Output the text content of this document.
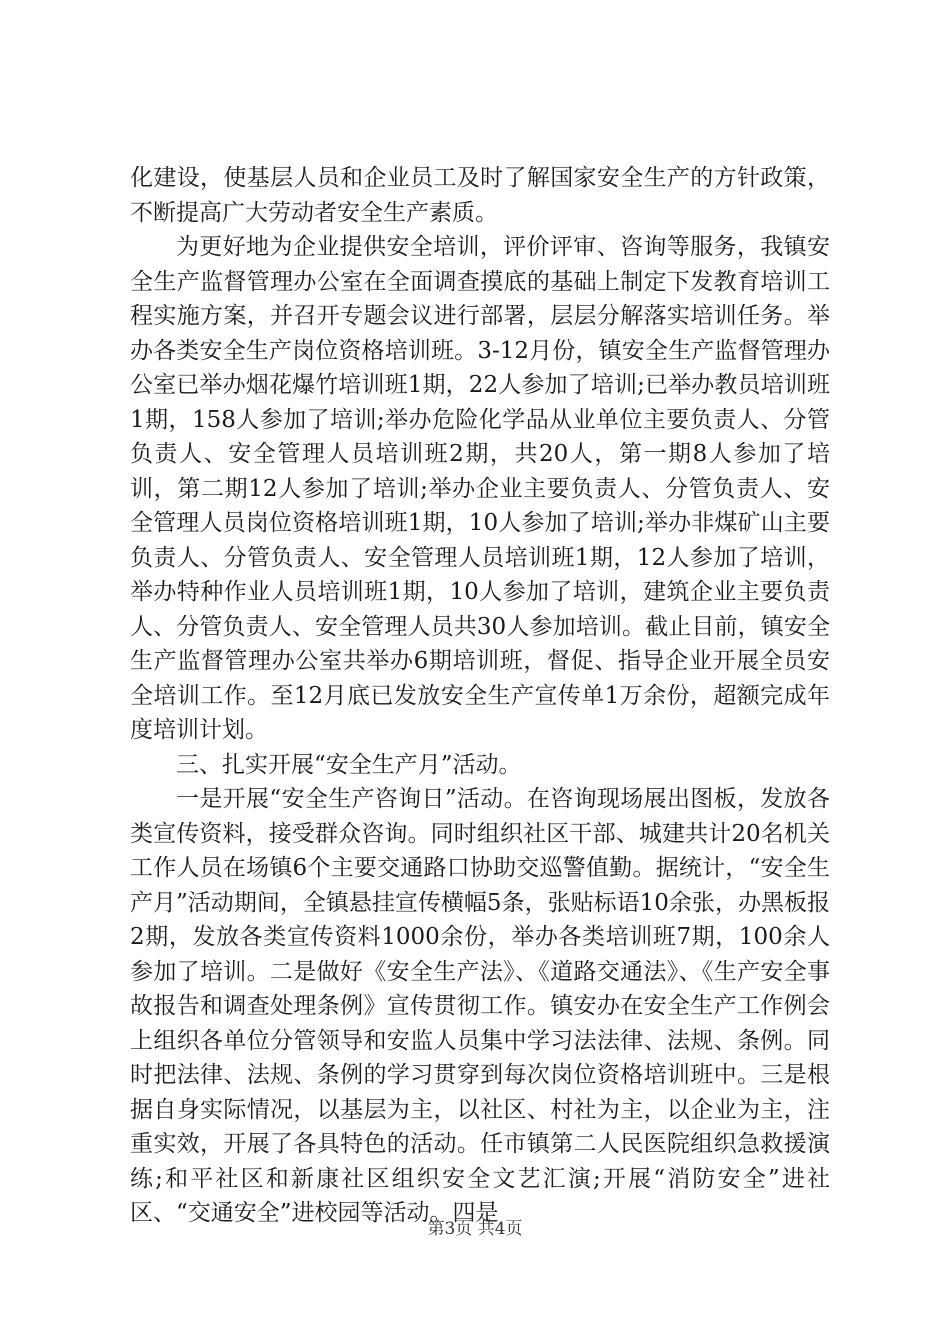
化建设，使基层人员和企业员工及时了解国家安全生产的方针政策，不断提高广大劳动者安全生产素质。

为更好地为企业提供安全培训，评价评审、咨询等服务，我镇安全生产监督管理办公室在全面调查摸底的基础上制定下发教育培训工程实施方案，并召开专题会议进行部署，层层分解落实培训任务。举办各类安全生产岗位资格培训班。3-12月份，镇安全生产监督管理办公室已举办烟花爆竹培训班1期，22人参加了培训;已举办教员培训班1期，158人参加了培训;举办危险化学品从业单位主要负责人、分管负责人、安全管理人员培训班2期，共20人，第一期8人参加了培训，第二期12人参加了培训;举办企业主要负责人、分管负责人、安全管理人员岗位资格培训班1期，10人参加了培训;举办非煤矿山主要负责人、分管负责人、安全管理人员培训班1期，12人参加了培训，举办特种作业人员培训班1期，10人参加了培训，建筑企业主要负责人、分管负责人、安全管理人员共30人参加培训。截止目前，镇安全生产监督管理办公室共举办6期培训班，督促、指导企业开展全员安全培训工作。至12月底已发放安全生产宣传单1万余份，超额完成年度培训计划。

三、扎实开展“安全生产月”活动。

一是开展“安全生产咨询日”活动。在咨询现场展出图板，发放各类宣传资料，接受群众咨询。同时组织社区干部、城建共计20名机关工作人员在场镇6个主要交通路口协助交巡警值勤。据统计，“安全生产月”活动期间，全镇悬挂宣传横幅5条，张贴标语10余张，办黑板报2期，发放各类宣传资料1000余份，举办各类培训班7期，100余人参加了培训。二是做好《安全生产法》、《道路交通法》、《生产安全事故报告和调查处理条例》宣传贯彻工作。镇安办在安全生产工作例会上组织各单位分管领导和安监人员集中学习法法律、法规、条例。同时把法律、法规、条例的学习贯穿到每次岗位资格培训班中。三是根据自身实际情况，以基层为主，以社区、村社为主，以企业为主，注重实效，开展了各具特色的活动。任市镇第二人民医院组织急救援演练;和平社区和新康社区组织安全文艺汇演;开展“消防安全”进社区、“交通安全”进校园等活动。四是

第3页 共4页
